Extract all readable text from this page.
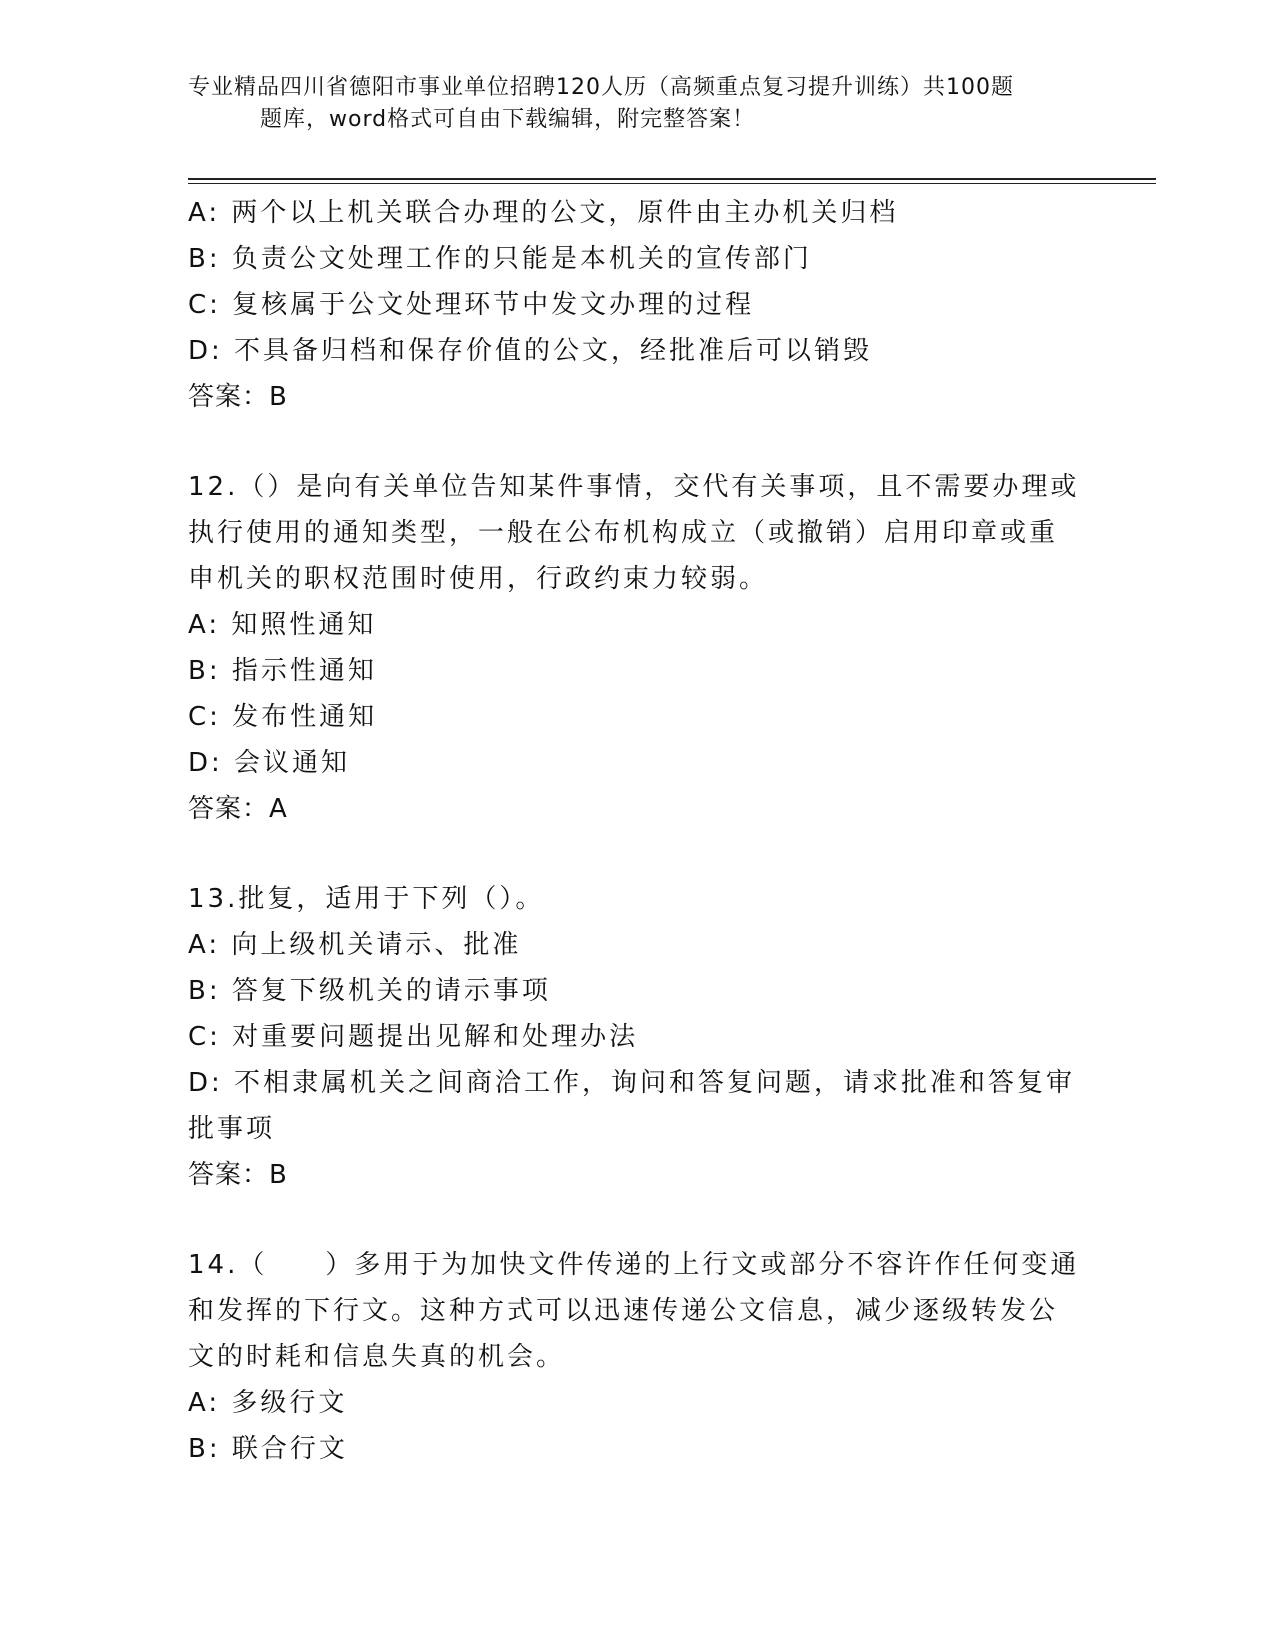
专业精品四川省德阳市事业单位招聘120人历（高频重点复习提升训练）共100题
题库，word格式可自由下载编辑，附完整答案！
A: 两个以上机关联合办理的公文，原件由主办机关归档
B: 负责公文处理工作的只能是本机关的宣传部门
C: 复核属于公文处理环节中发文办理的过程
D: 不具备归档和保存价值的公文，经批准后可以销毁
答案：B
12.（）是向有关单位告知某件事情，交代有关事项，且不需要办理或
执行使用的通知类型，一般在公布机构成立（或撤销）启用印章或重
申机关的职权范围时使用，行政约束力较弱。
A: 知照性通知
B: 指示性通知
C: 发布性通知
D: 会议通知
答案：A
13.批复，适用于下列（）。
A: 向上级机关请示、批准
B: 答复下级机关的请示事项
C: 对重要问题提出见解和处理办法
D: 不相隶属机关之间商洽工作，询问和答复问题，请求批准和答复审
批事项
答案：B
14.（　　）多用于为加快文件传递的上行文或部分不容许作任何变通
和发挥的下行文。这种方式可以迅速传递公文信息，减少逐级转发公
文的时耗和信息失真的机会。
A: 多级行文
B: 联合行文
